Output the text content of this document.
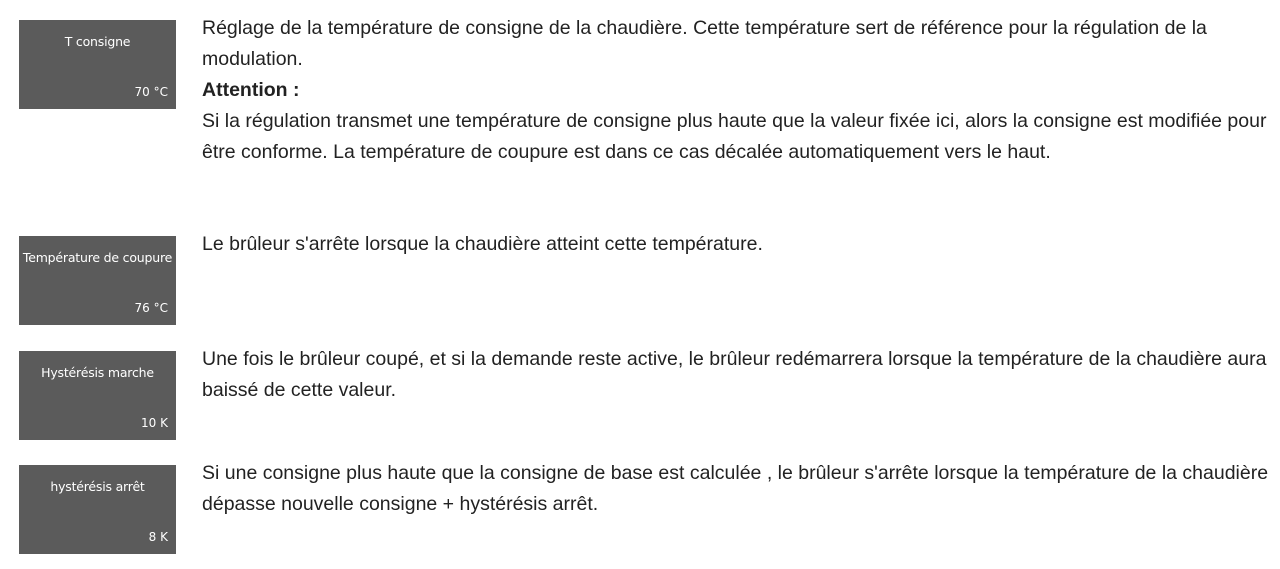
T consigne
70 °C

Réglage de la température de consigne de la chaudière. Cette température sert de référence pour la régulation de la modulation.

Attention :

Si la régulation transmet une température de consigne plus haute que la valeur fixée ici, alors la consigne est modifiée pour être conforme. La température de coupure est dans ce cas décalée automatiquement vers le haut.

Température de coupure
76 °C

Le brûleur s'arrête lorsque la chaudière atteint cette température.

Hystérésis marche
10 K

Une fois le brûleur coupé, et si la demande reste active, le brûleur redémarrera lorsque la température de la chaudière aura baissé de cette valeur.

hystérésis arrêt
8 K

Si une consigne plus haute que la consigne de base est calculée , le brûleur s'arrête lorsque la température de la chaudière dépasse nouvelle consigne + hystérésis arrêt.
